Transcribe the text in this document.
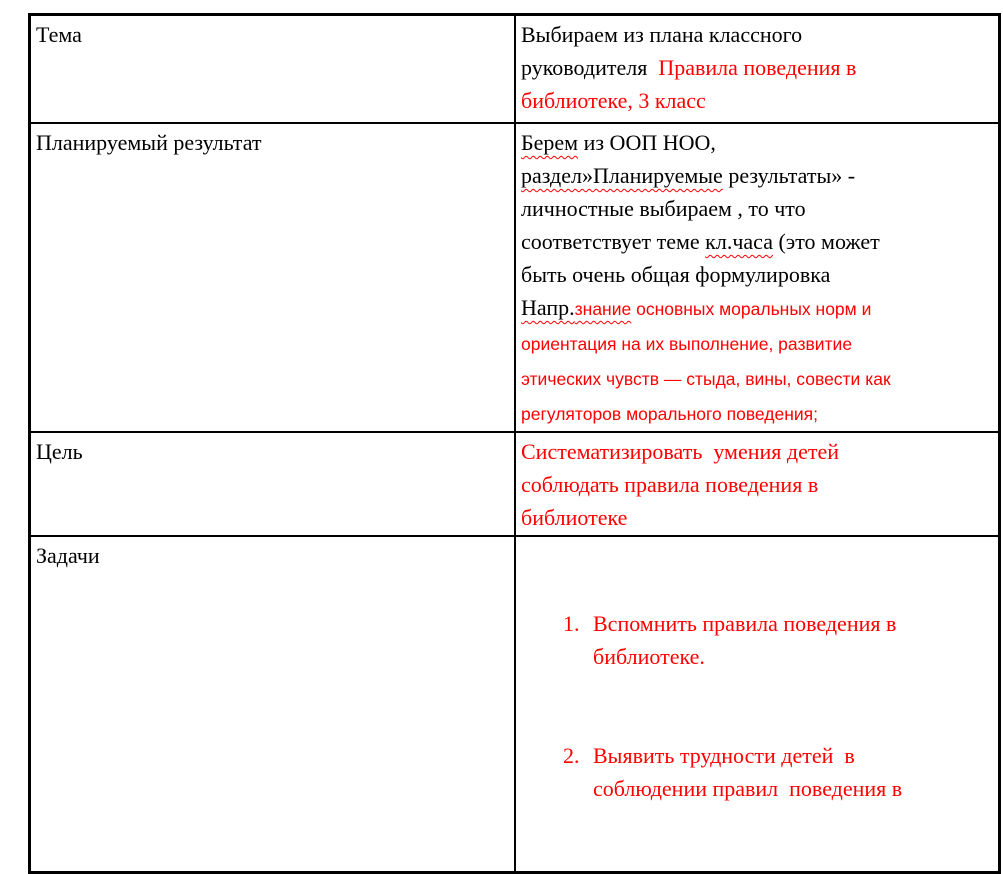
Тема	Выбираем из плана классного
руководителя  Правила поведения в
библиотеке, 3 класс

Планируемый результат	Берем из ООП НОО,
раздел»Планируемые результаты» -
личностные выбираем , то что
соответствует теме кл.часа (это может
быть очень общая формулировка
Напр.знание основных моральных норм и
ориентация на их выполнение, развитие
этических чувств — стыда, вины, совести как
регуляторов морального поведения;

Цель	Систематизировать  умения детей
соблюдать правила поведения в
библиотеке

Задачи

1. Вспомнить правила поведения в
библиотеке.

2. Выявить трудности детей  в
соблюдении правил  поведения в
